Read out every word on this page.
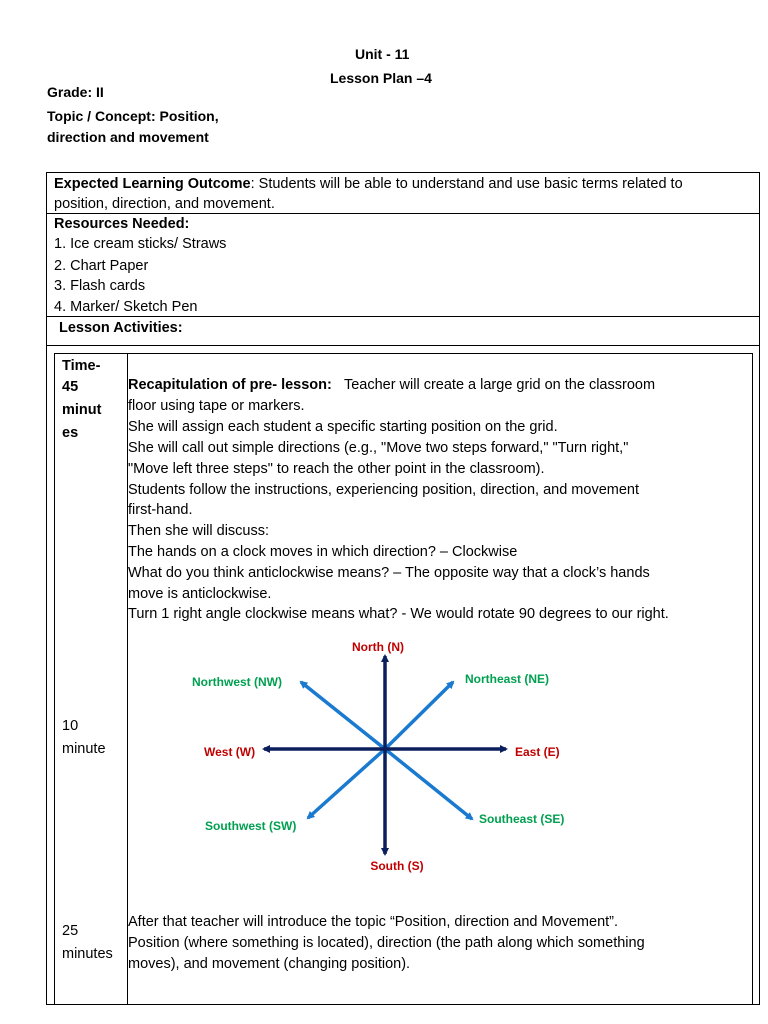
Unit - 11
Lesson Plan –4
Grade: II
Topic / Concept: Position,
direction and movement
Expected Learning Outcome: Students will be able to understand and use basic terms related to
position, direction, and movement.
Resources Needed:
1. Ice cream sticks/ Straws
2. Chart Paper
3. Flash cards
4. Marker/ Sketch Pen
Lesson Activities:
Time-
45
minut
es
10
minute
25
minutes
Recapitulation of pre- lesson: Teacher will create a large grid on the classroom
floor using tape or markers.
She will assign each student a specific starting position on the grid.
She will call out simple directions (e.g., "Move two steps forward," "Turn right,"
"Move left three steps" to reach the other point in the classroom).
Students follow the instructions, experiencing position, direction, and movement
first-hand.
Then she will discuss:
The hands on a clock moves in which direction? – Clockwise
What do you think anticlockwise means? – The opposite way that a clock’s hands
move is anticlockwise.
Turn 1 right angle clockwise means what? - We would rotate 90 degrees to our right.
North (N)
South (S)
East (E)
West (W)
Northeast (NE)
Northwest (NW)
Southeast (SE)
Southwest (SW)
After that teacher will introduce the topic “Position, direction and Movement”.
Position (where something is located), direction (the path along which something
moves), and movement (changing position).
